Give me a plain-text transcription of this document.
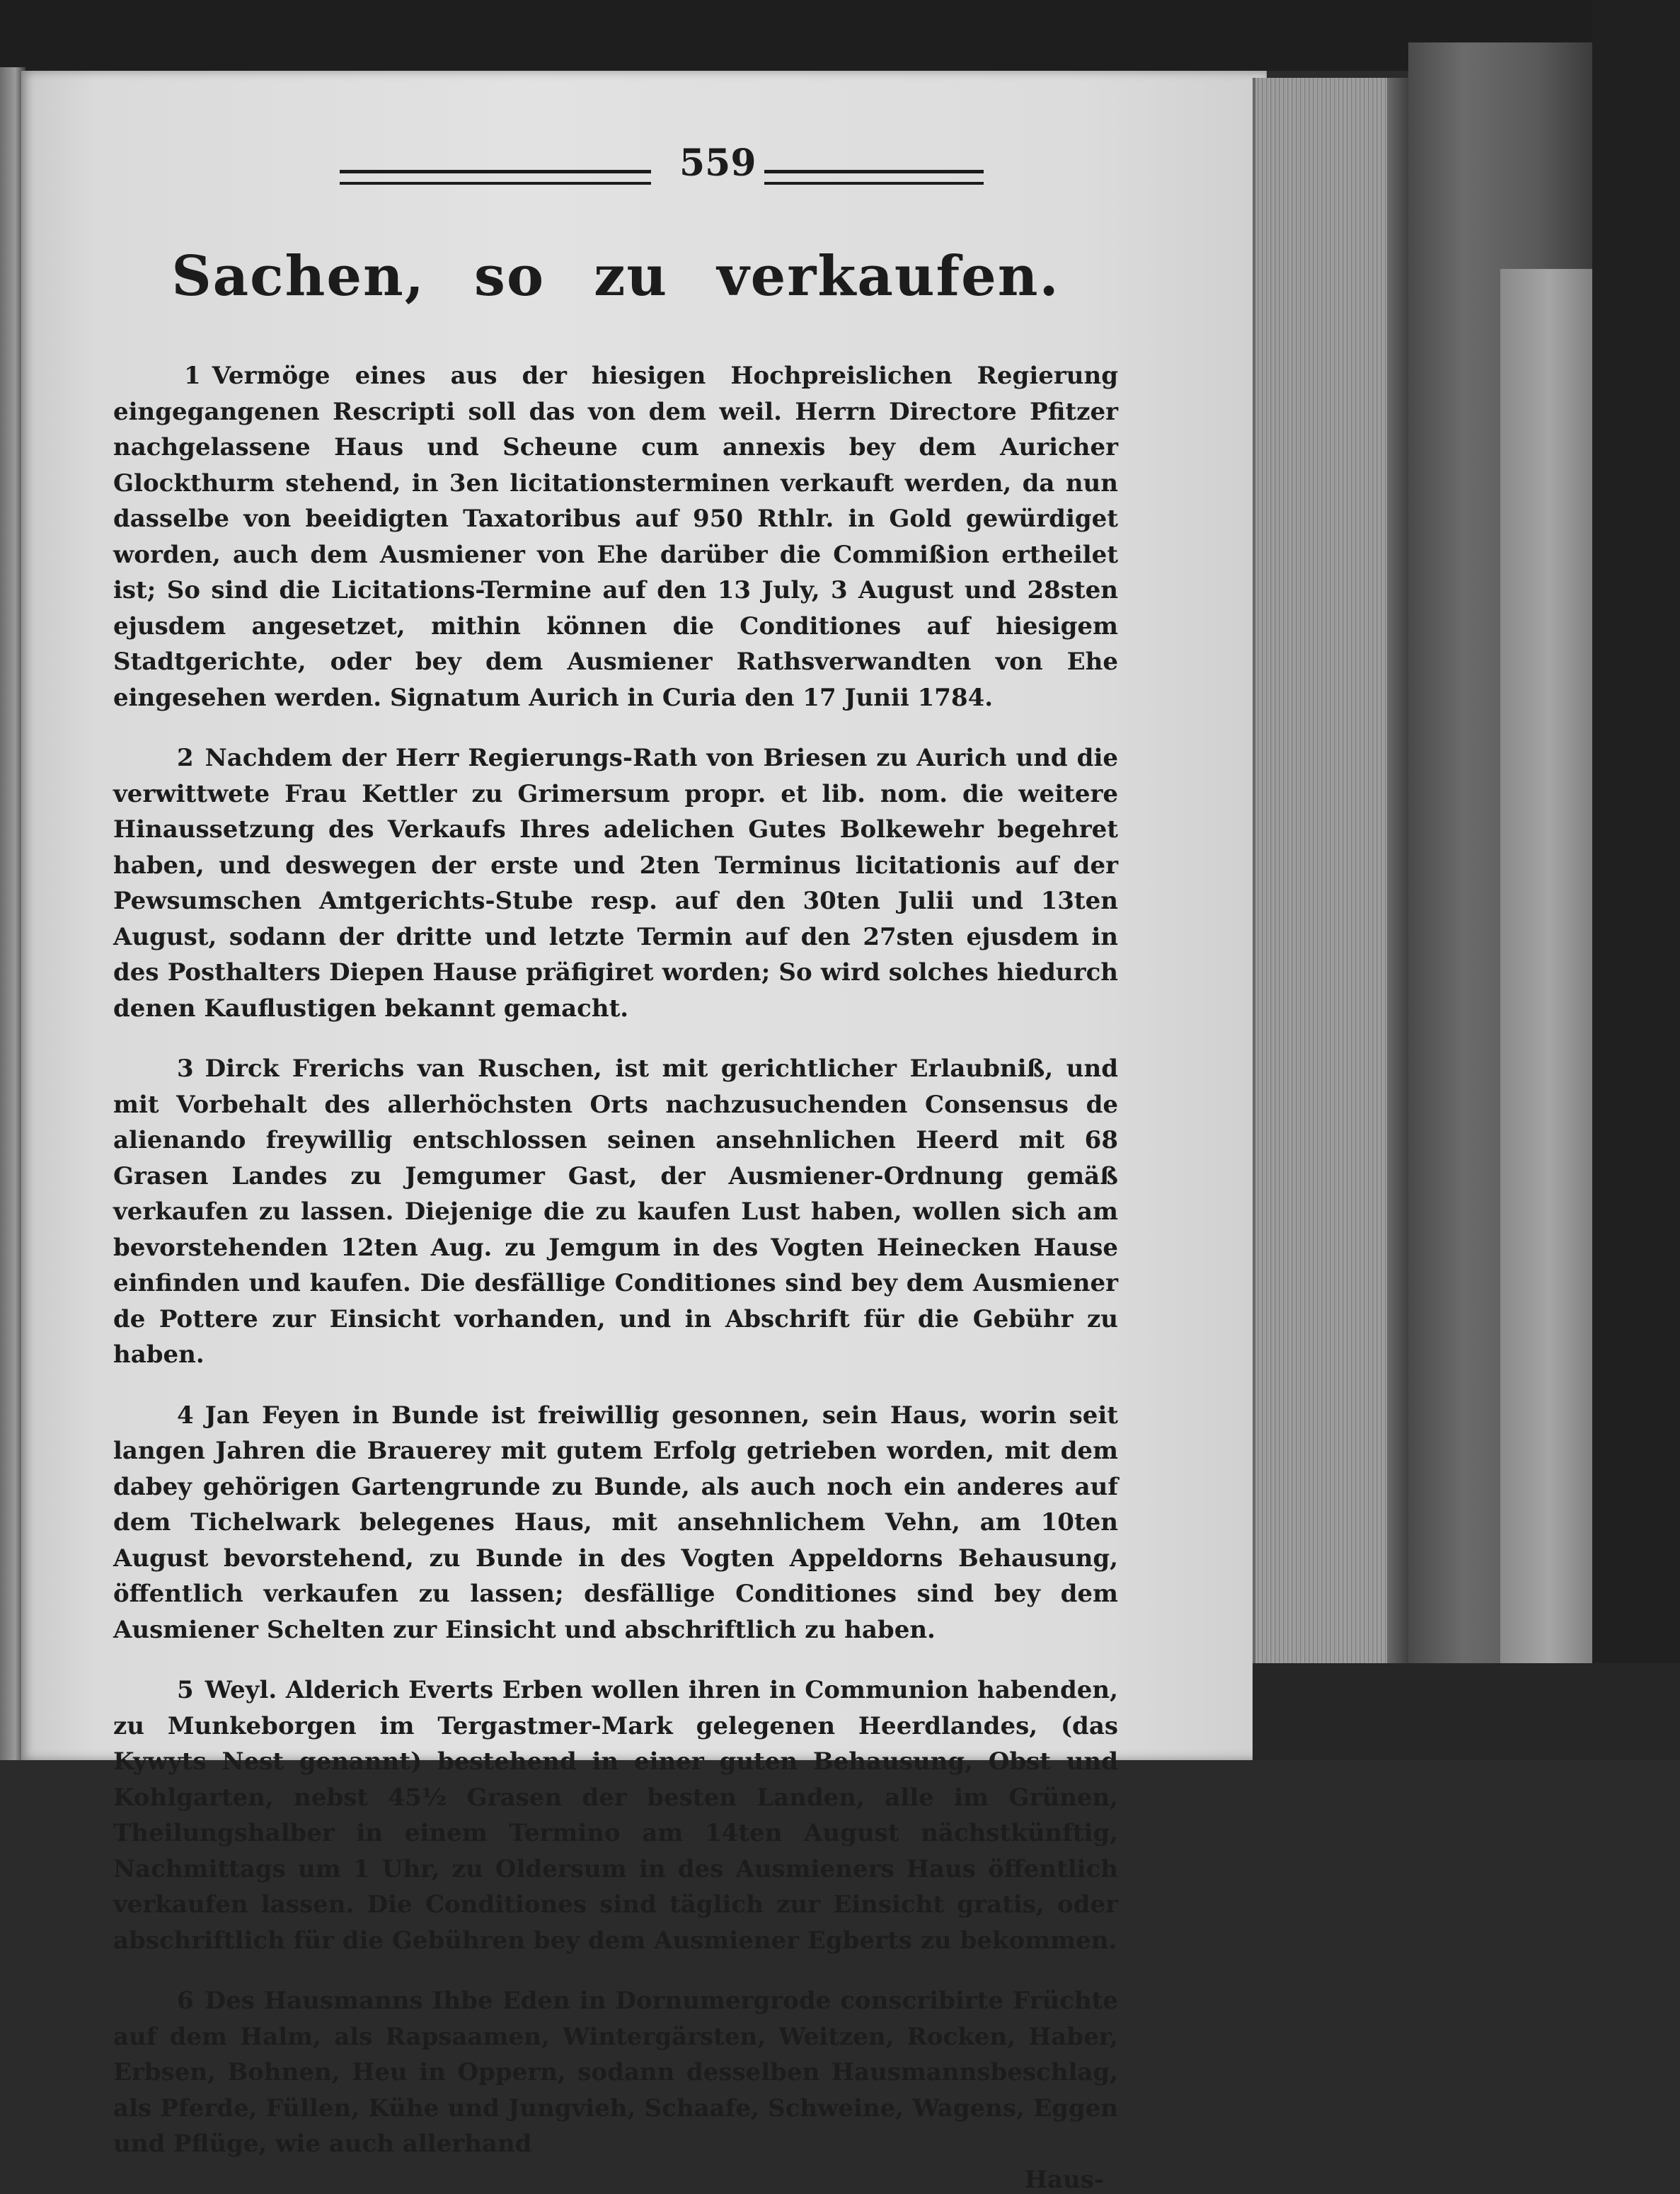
559
Sachen, so zu verkaufen.

1 Vermöge eines aus der hiesigen Hochpreislichen Regierung eingegangenen Rescripti soll das von dem weil. Herrn Directore Pfitzer nachgelassene Haus und Scheune cum annexis bey dem Auricher Glockthurm stehend, in 3en licitationsterminen verkauft werden, da nun dasselbe von beeidigten Taxatoribus auf 950 Rthlr. in Gold gewürdiget worden, auch dem Ausmiener von Ehe darüber die Commißion ertheilet ist; So sind die Licitations-Termine auf den 13 July, 3 August und 28sten ejusdem angesetzet, mithin können die Conditiones auf hiesigem Stadtgerichte, oder bey dem Ausmiener Rathsverwandten von Ehe eingesehen werden. Signatum Aurich in Curia den 17 Junii 1784.

2 Nachdem der Herr Regierungs-Rath von Briesen zu Aurich und die verwittwete Frau Kettler zu Grimersum propr. et lib. nom. die weitere Hinaussetzung des Verkaufs Ihres adelichen Gutes Bolkewehr begehret haben, und deswegen der erste und 2ten Terminus licitationis auf der Pewsumschen Amtgerichts-Stube resp. auf den 30ten Julii und 13ten August, sodann der dritte und letzte Termin auf den 27sten ejusdem in des Posthalters Diepen Hause präfigiret worden; So wird solches hiedurch denen Kauflustigen bekannt gemacht.

3 Dirck Frerichs van Ruschen, ist mit gerichtlicher Erlaubniß, und mit Vorbehalt des allerhöchsten Orts nachzusuchenden Consensus de alienando freywillig entschlossen seinen ansehnlichen Heerd mit 68 Grasen Landes zu Jemgumer Gast, der Ausmiener-Ordnung gemäß verkaufen zu lassen. Diejenige die zu kaufen Lust haben, wollen sich am bevorstehenden 12ten Aug. zu Jemgum in des Vogten Heinecken Hause einfinden und kaufen. Die desfällige Conditiones sind bey dem Ausmiener de Pottere zur Einsicht vorhanden, und in Abschrift für die Gebühr zu haben.

4 Jan Feyen in Bunde ist freiwillig gesonnen, sein Haus, worin seit langen Jahren die Brauerey mit gutem Erfolg getrieben worden, mit dem dabey gehörigen Gartengrunde zu Bunde, als auch noch ein anderes auf dem Tichelwark belegenes Haus, mit ansehnlichem Vehn, am 10ten August bevorstehend, zu Bunde in des Vogten Appeldorns Behausung, öffentlich verkaufen zu lassen; desfällige Conditiones sind bey dem Ausmiener Schelten zur Einsicht und abschriftlich zu haben.

5 Weyl. Alderich Everts Erben wollen ihren in Communion habenden, zu Munkeborgen im Tergastmer-Mark gelegenen Heerdlandes, (das Kywyts Nest genannt) bestehend in einer guten Behausung, Obst und Kohlgarten, nebst 45½ Grasen der besten Landen, alle im Grünen, Theilungshalber in einem Termino am 14ten August nächstkünftig, Nachmittags um 1 Uhr, zu Oldersum in des Ausmieners Haus öffentlich verkaufen lassen. Die Conditiones sind täglich zur Einsicht gratis, oder abschriftlich für die Gebühren bey dem Ausmiener Egberts zu bekommen.

6 Des Hausmanns Ihbe Eden in Dornumergrode conscribirte Früchte auf dem Halm, als Rapsaamen, Wintergärsten, Weitzen, Rocken, Haber, Erbsen, Bohnen, Heu in Oppern, sodann desselben Hausmannsbeschlag, als Pferde, Füllen, Kühe und Jungvieh, Schaafe, Schweine, Wagens, Eggen und Pflüge, wie auch allerhand

Haus-
